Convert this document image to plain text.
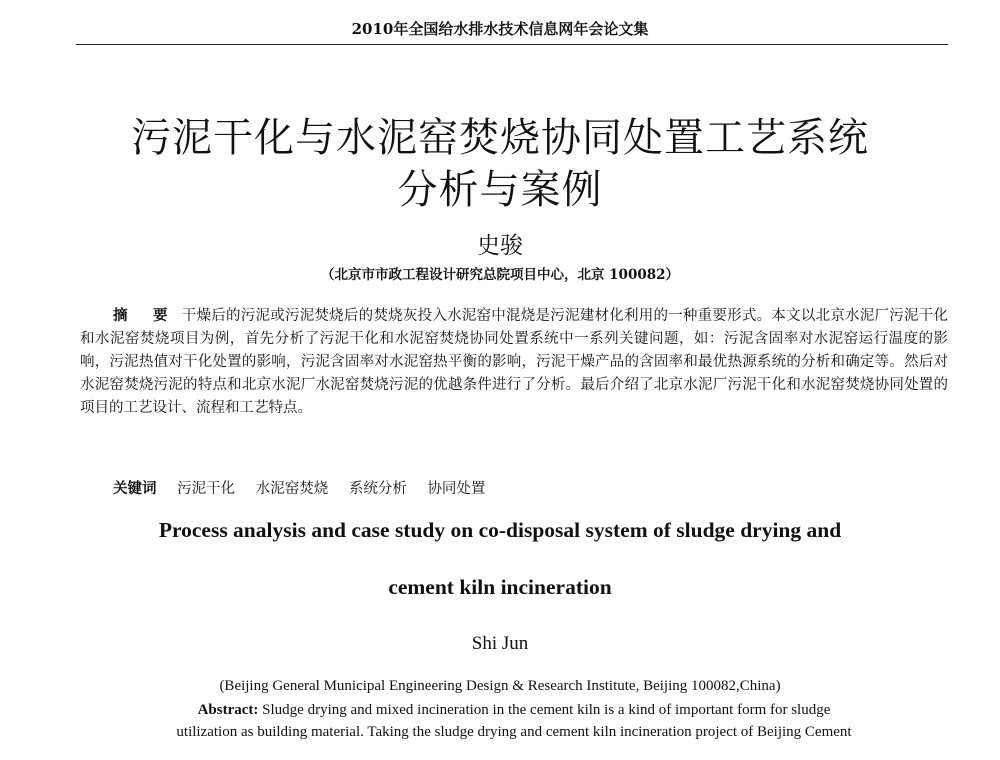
2010年全国给水排水技术信息网年会论文集
污泥干化与水泥窑焚烧协同处置工艺系统
分析与案例
史骏
（北京市市政工程设计研究总院项目中心，北京 100082）
摘 要 干燥后的污泥或污泥焚烧后的焚烧灰投入水泥窑中混烧是污泥建材化利用的一种重要形式。本文以北京水泥厂污泥干化和水泥窑焚烧项目为例，首先分析了污泥干化和水泥窑焚烧协同处置系统中一系列关键问题，如：污泥含固率对水泥窑运行温度的影响，污泥热值对干化处置的影响，污泥含固率对水泥窑热平衡的影响，污泥干燥产品的含固率和最优热源系统的分析和确定等。然后对水泥窑焚烧污泥的特点和北京水泥厂水泥窑焚烧污泥的优越条件进行了分析。最后介绍了北京水泥厂污泥干化和水泥窑焚烧协同处置的项目的工艺设计、流程和工艺特点。
关键词 污泥干化 水泥窑焚烧 系统分析 协同处置
Process analysis and case study on co-disposal system of sludge drying and
cement kiln incineration
Shi Jun
(Beijing General Municipal Engineering Design & Research Institute, Beijing 100082,China)
Abstract: Sludge drying and mixed incineration in the cement kiln is a kind of important form for sludge
utilization as building material. Taking the sludge drying and cement kiln incineration project of Beijing Cement
